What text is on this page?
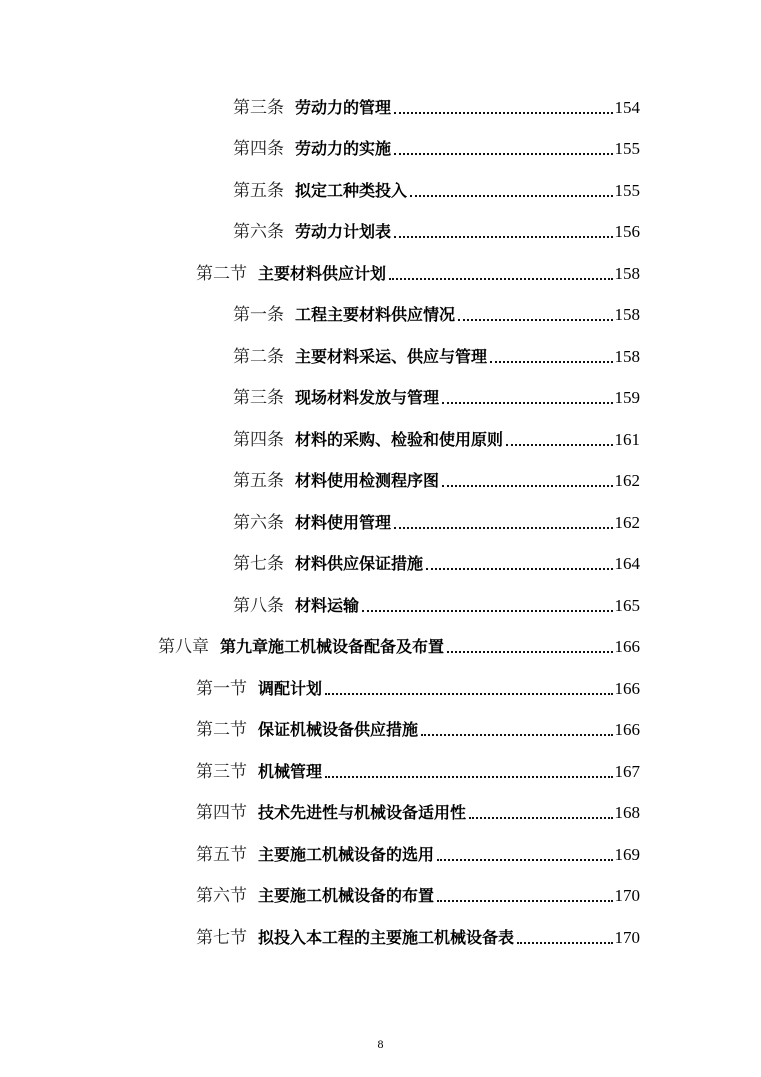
第三条 劳动力的管理	154
第四条 劳动力的实施	155
第五条 拟定工种类投入	155
第六条 劳动力计划表	156
第二节 主要材料供应计划	158
第一条 工程主要材料供应情况	158
第二条 主要材料采运、供应与管理	158
第三条 现场材料发放与管理	159
第四条 材料的采购、检验和使用原则	161
第五条 材料使用检测程序图	162
第六条 材料使用管理	162
第七条 材料供应保证措施	164
第八条 材料运输	165
第八章 第九章施工机械设备配备及布置	166
第一节 调配计划	166
第二节 保证机械设备供应措施	166
第三节 机械管理	167
第四节 技术先进性与机械设备适用性	168
第五节 主要施工机械设备的选用	169
第六节 主要施工机械设备的布置	170
第七节 拟投入本工程的主要施工机械设备表	170
8
